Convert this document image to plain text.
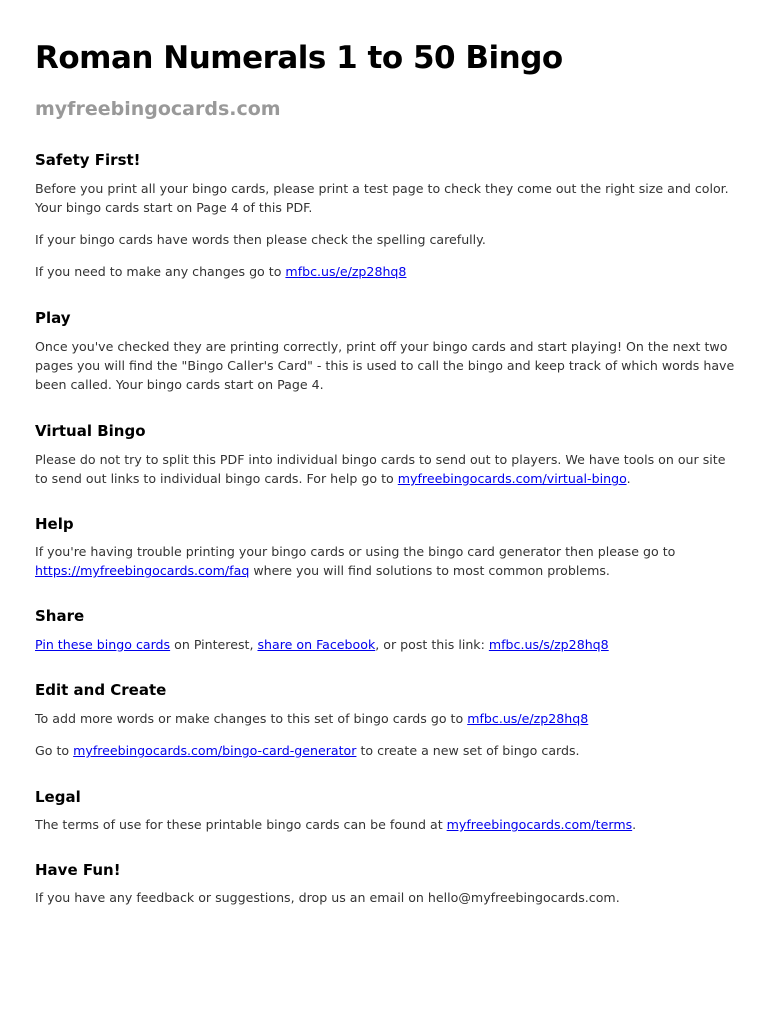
Roman Numerals 1 to 50 Bingo
myfreebingocards.com
Safety First!

Before you print all your bingo cards, please print a test page to check they come out the right size and color. Your bingo cards start on Page 4 of this PDF.

If your bingo cards have words then please check the spelling carefully.

If you need to make any changes go to mfbc.us/e/zp28hq8

Play

Once you've checked they are printing correctly, print off your bingo cards and start playing! On the next two pages you will find the "Bingo Caller's Card" - this is used to call the bingo and keep track of which words have been called. Your bingo cards start on Page 4.

Virtual Bingo

Please do not try to split this PDF into individual bingo cards to send out to players. We have tools on our site to send out links to individual bingo cards. For help go to myfreebingocards.com/virtual-bingo.

Help

If you're having trouble printing your bingo cards or using the bingo card generator then please go to https://myfreebingocards.com/faq where you will find solutions to most common problems.

Share

Pin these bingo cards on Pinterest, share on Facebook, or post this link: mfbc.us/s/zp28hq8

Edit and Create

To add more words or make changes to this set of bingo cards go to mfbc.us/e/zp28hq8

Go to myfreebingocards.com/bingo-card-generator to create a new set of bingo cards.

Legal

The terms of use for these printable bingo cards can be found at myfreebingocards.com/terms.

Have Fun!

If you have any feedback or suggestions, drop us an email on hello@myfreebingocards.com.
